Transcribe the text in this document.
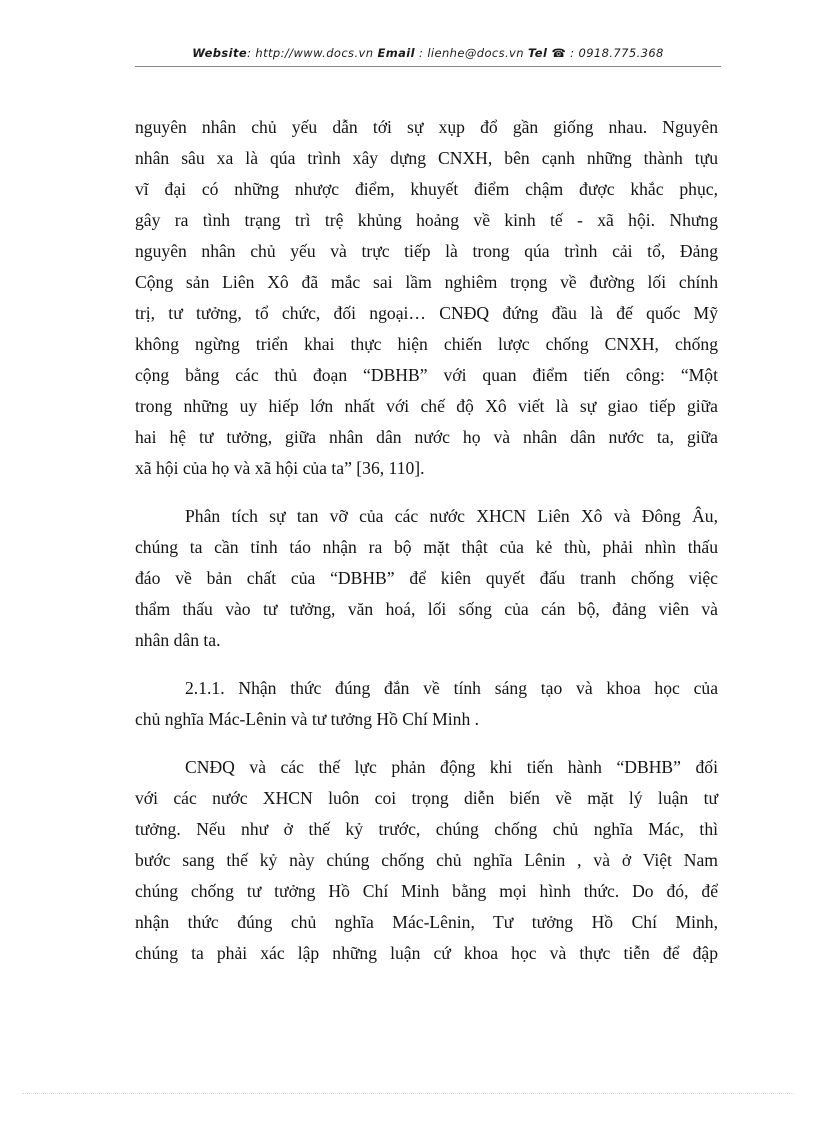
Website: http://www.docs.vn Email : lienhe@docs.vn Tel ☎ : 0918.775.368

nguyên nhân chủ yếu dẫn tới sự xụp đổ gần giống nhau. Nguyên
nhân sâu xa là qúa trình xây dựng CNXH, bên cạnh những thành tựu
vĩ đại có những nhược điểm, khuyết điểm chậm được khắc phục,
gây ra tình trạng trì trệ khủng hoảng về kinh tế - xã hội. Nhưng
nguyên nhân chủ yếu và trực tiếp là trong qúa trình cải tổ, Đảng
Cộng sản Liên Xô đã mắc sai lầm nghiêm trọng về đường lối chính
trị, tư tưởng, tổ chức, đối ngoại… CNĐQ đứng đầu là đế quốc Mỹ
không ngừng triển khai thực hiện chiến lược chống CNXH, chống
cộng bằng các thủ đoạn “DBHB” với quan điểm tiến công: “Một
trong những uy hiếp lớn nhất với chế độ Xô viết là sự giao tiếp giữa
hai hệ tư tưởng, giữa nhân dân nước họ và nhân dân nước ta, giữa
xã hội của họ và xã hội của ta” [36, 110].

Phân tích sự tan vỡ của các nước XHCN Liên Xô và Đông Âu,
chúng ta cần tỉnh táo nhận ra bộ mặt thật của kẻ thù, phải nhìn thấu
đáo về bản chất của “DBHB” để kiên quyết đấu tranh chống việc
thẩm thấu vào tư tưởng, văn hoá, lối sống của cán bộ, đảng viên và
nhân dân ta.

2.1.1. Nhận thức đúng đắn về tính sáng tạo và khoa học của
chủ nghĩa Mác-Lênin và tư tưởng Hồ Chí Minh .

CNĐQ và các thế lực phản động khi tiến hành “DBHB” đối
với các nước XHCN luôn coi trọng diễn biến về mặt lý luận tư
tưởng. Nếu như ở thế kỷ trước, chúng chống chủ nghĩa Mác, thì
bước sang thế kỷ này chúng chống chủ nghĩa Lênin , và ở Việt Nam
chúng chống tư tưởng Hồ Chí Minh bằng mọi hình thức. Do đó, để
nhận thức đúng chủ nghĩa Mác-Lênin, Tư tưởng Hồ Chí Minh,
chúng ta phải xác lập những luận cứ khoa học và thực tiễn để đập
